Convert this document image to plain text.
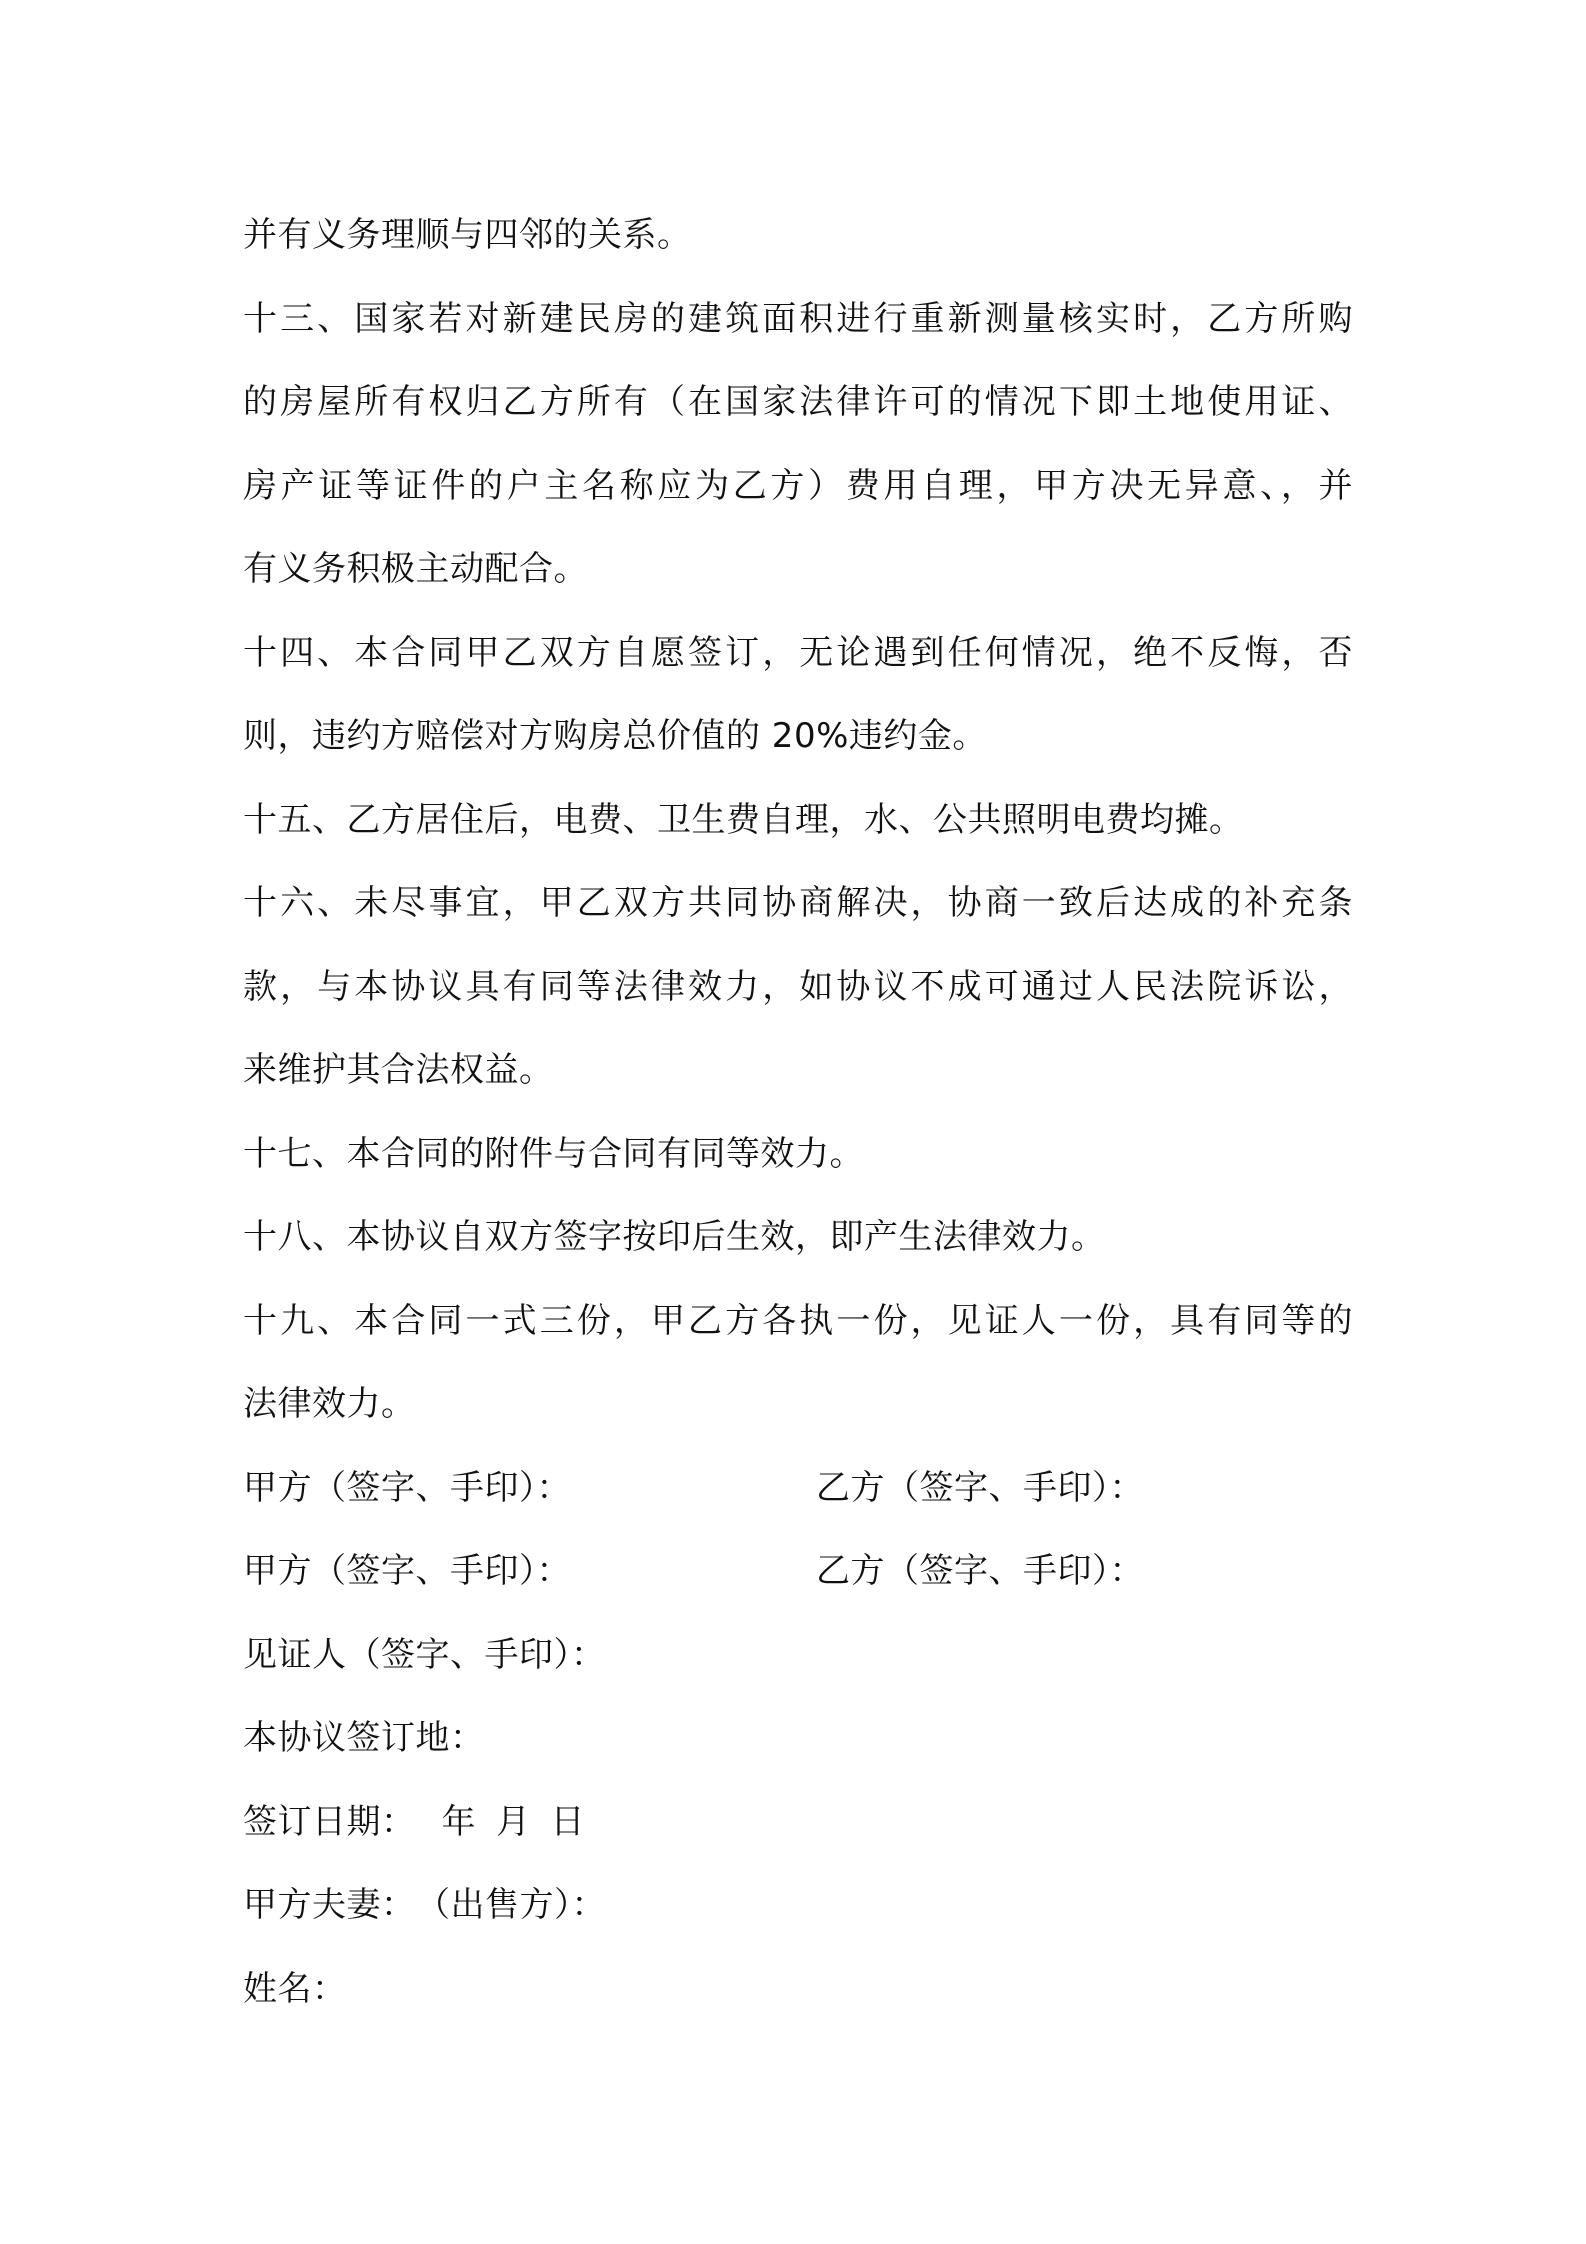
并有义务理顺与四邻的关系。
十三、国家若对新建民房的建筑面积进行重新测量核实时，乙方所购
的房屋所有权归乙方所有（在国家法律许可的情况下即土地使用证、
房产证等证件的户主名称应为乙方）费用自理，甲方决无异意、，并
有义务积极主动配合。
十四、本合同甲乙双方自愿签订，无论遇到任何情况，绝不反悔，否
则，违约方赔偿对方购房总价值的 20%违约金。
十五、乙方居住后，电费、卫生费自理，水、公共照明电费均摊。
十六、未尽事宜，甲乙双方共同协商解决，协商一致后达成的补充条
款，与本协议具有同等法律效力，如协议不成可通过人民法院诉讼，
来维护其合法权益。
十七、本合同的附件与合同有同等效力。
十八、本协议自双方签字按印后生效，即产生法律效力。
十九、本合同一式三份，甲乙方各执一份，见证人一份，具有同等的
法律效力。
甲方（签字、手印）：	乙方（签字、手印）：
甲方（签字、手印）：	乙方（签字、手印）：
见证人（签字、手印）：
本协议签订地：
签订日期： 年 月 日
甲方夫妻：　（出售方）：
姓名：
